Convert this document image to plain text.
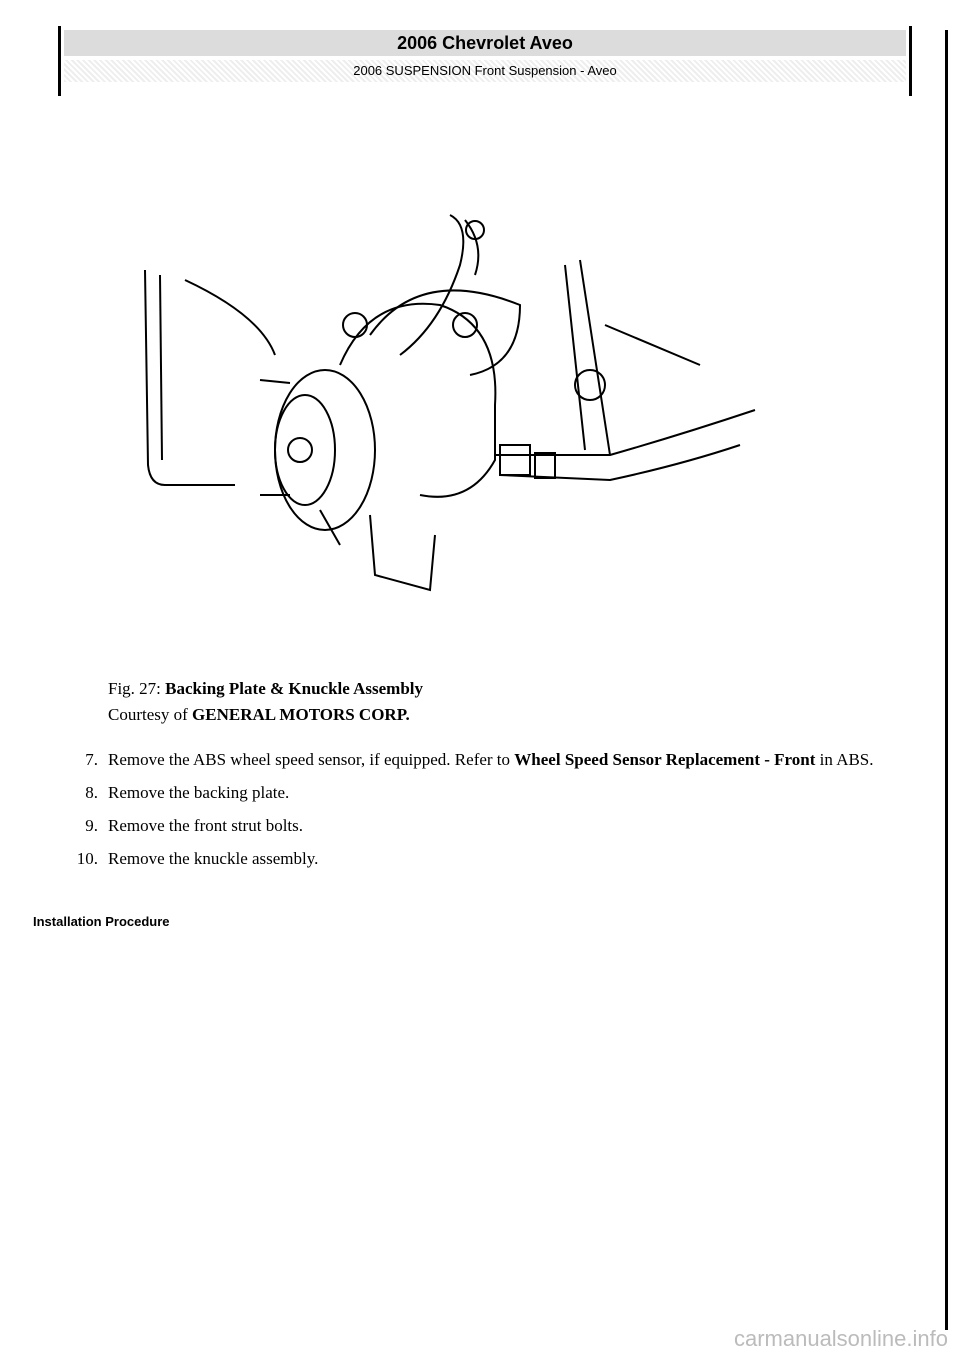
2006 Chevrolet Aveo
2006 SUSPENSION Front Suspension - Aveo
Fig. 27: Backing Plate & Knuckle Assembly
Courtesy of GENERAL MOTORS CORP.
7. Remove the ABS wheel speed sensor, if equipped. Refer to Wheel Speed Sensor Replacement - Front in ABS.
8. Remove the backing plate.
9. Remove the front strut bolts.
10. Remove the knuckle assembly.
Installation Procedure
carmanualsonline.info
